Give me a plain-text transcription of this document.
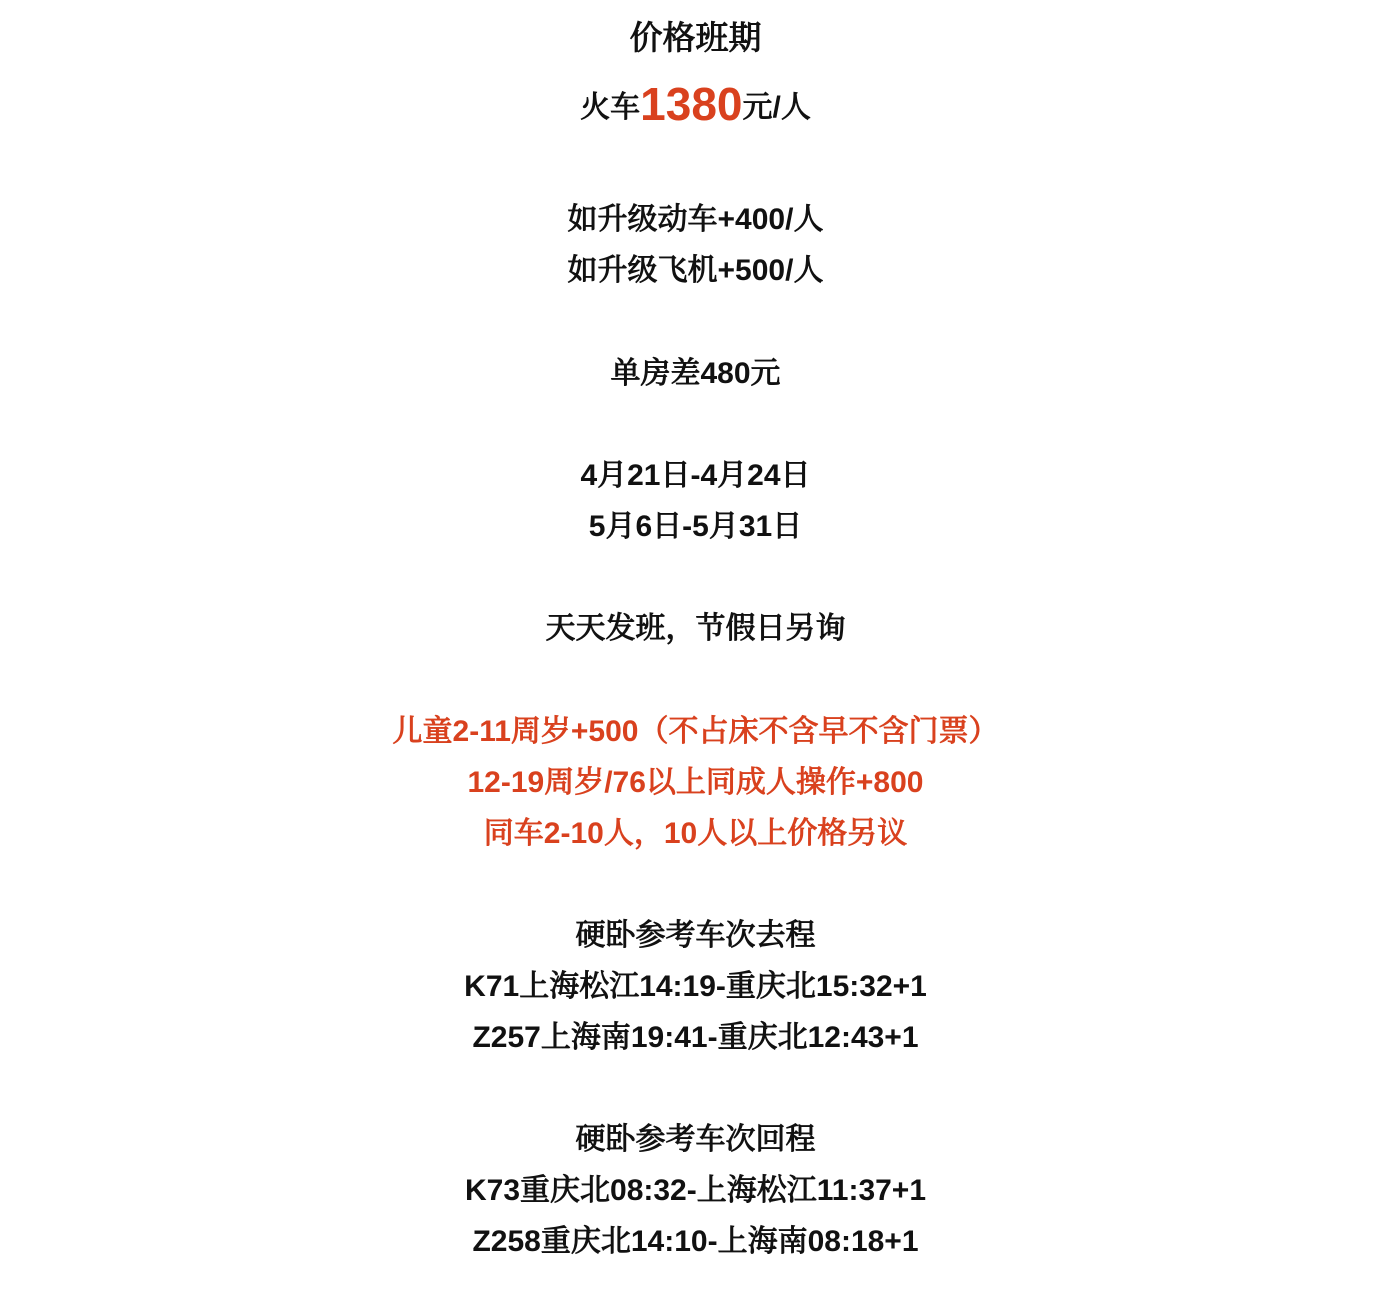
价格班期
火车1380元/人
如升级动车+400/人
如升级飞机+500/人
单房差480元
4月21日-4月24日
5月6日-5月31日
天天发班，节假日另询
儿童2-11周岁+500（不占床不含早不含门票）
12-19周岁/76以上同成人操作+800
同车2-10人，10人以上价格另议
硬卧参考车次去程
K71上海松江14:19-重庆北15:32+1
Z257上海南19:41-重庆北12:43+1
硬卧参考车次回程
K73重庆北08:32-上海松江11:37+1
Z258重庆北14:10-上海南08:18+1
